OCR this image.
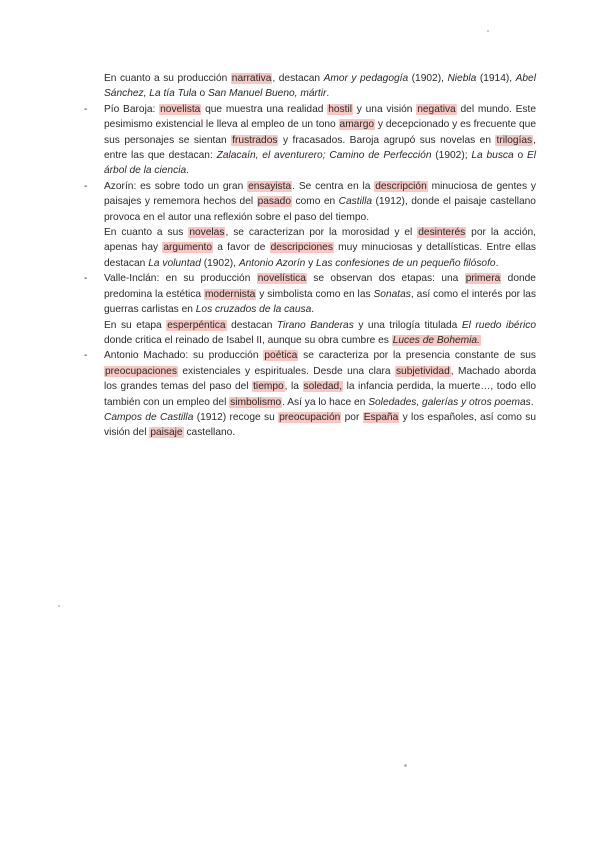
En cuanto a su producción narrativa, destacan Amor y pedagogía (1902), Niebla (1914), Abel Sánchez, La tía Tula o San Manuel Bueno, mártir.

- Pío Baroja: novelista que muestra una realidad hostil y una visión negativa del mundo. Este pesimismo existencial le lleva al empleo de un tono amargo y decepcionado y es frecuente que sus personajes se sientan frustrados y fracasados. Baroja agrupó sus novelas en trilogías, entre las que destacan: Zalacaín, el aventurero; Camino de Perfección (1902); La busca o El árbol de la ciencia.

- Azorín: es sobre todo un gran ensayista. Se centra en la descripción minuciosa de gentes y paisajes y rememora hechos del pasado como en Castilla (1912), donde el paisaje castellano provoca en el autor una reflexión sobre el paso del tiempo.

En cuanto a sus novelas, se caracterizan por la morosidad y el desinterés por la acción, apenas hay argumento a favor de descripciones muy minuciosas y detallísticas. Entre ellas destacan La voluntad (1902), Antonio Azorín y Las confesiones de un pequeño filósofo.

- Valle-Inclán: en su producción novelística se observan dos etapas: una primera donde predomina la estética modernista y simbolista como en las Sonatas, así como el interés por las guerras carlistas en Los cruzados de la causa.

En su etapa esperpéntica destacan Tirano Banderas y una trilogía titulada El ruedo ibérico donde critica el reinado de Isabel II, aunque su obra cumbre es Luces de Bohemia.

- Antonio Machado: su producción poética se caracteriza por la presencia constante de sus preocupaciones existenciales y espirituales. Desde una clara subjetividad, Machado aborda los grandes temas del paso del tiempo, la soledad, la infancia perdida, la muerte…, todo ello también con un empleo del simbolismo. Así ya lo hace en Soledades, galerías y otros poemas.

Campos de Castilla (1912) recoge su preocupación por España y los españoles, así como su visión del paisaje castellano.
